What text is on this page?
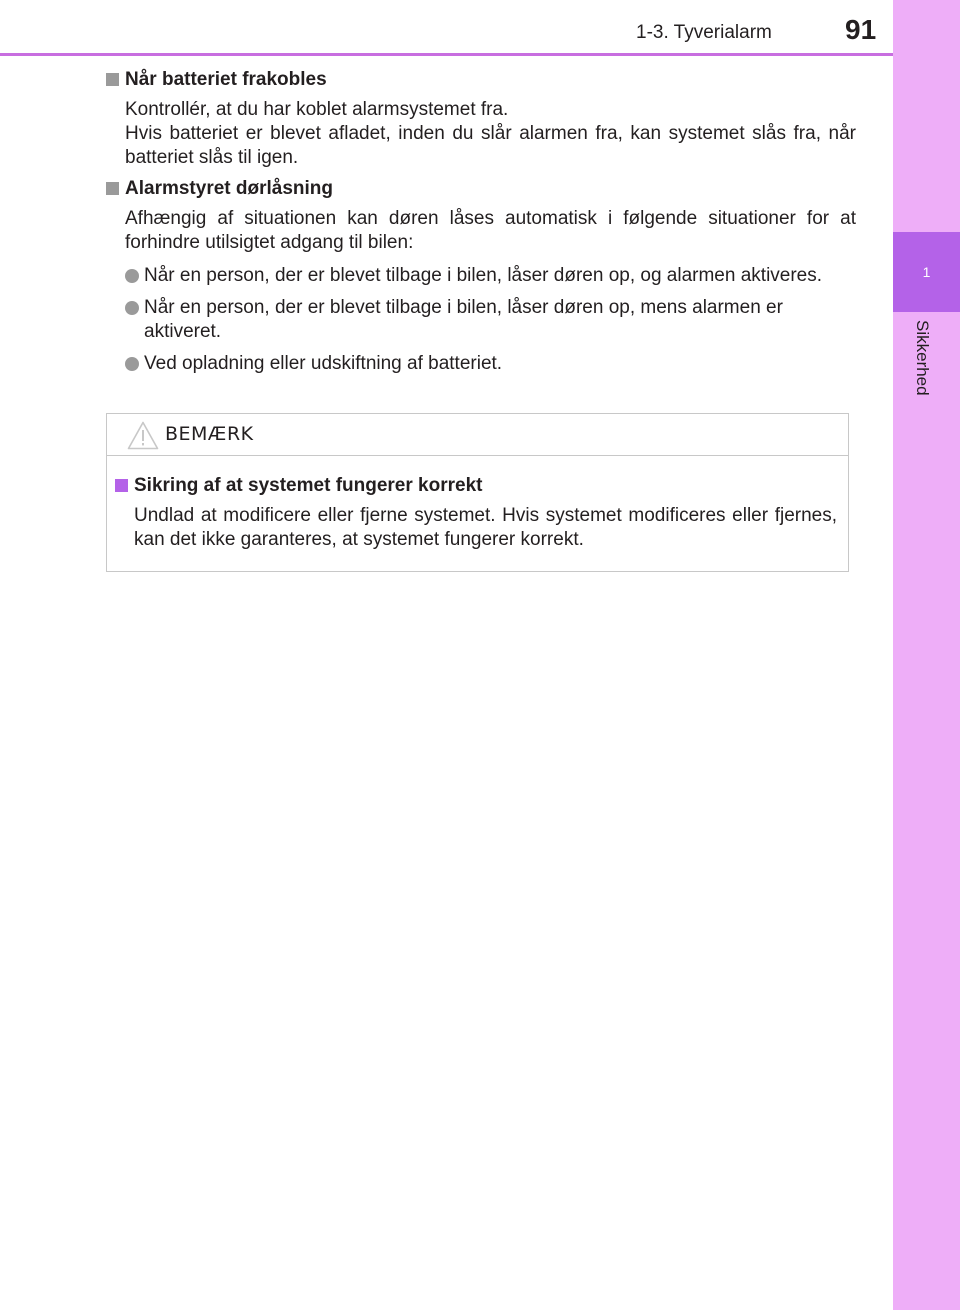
1-3. Tyverialarm	91
1
Sikkerhed
Når batteriet frakobles
Kontrollér, at du har koblet alarmsystemet fra.
Hvis batteriet er blevet afladet, inden du slår alarmen fra, kan systemet slås fra, når batteriet slås til igen.
Alarmstyret dørlåsning
Afhængig af situationen kan døren låses automatisk i følgende situationer for at forhindre utilsigtet adgang til bilen:
Når en person, der er blevet tilbage i bilen, låser døren op, og alarmen aktiveres.
Når en person, der er blevet tilbage i bilen, låser døren op, mens alarmen er aktiveret.
Ved opladning eller udskiftning af batteriet.
BEMÆRK
Sikring af at systemet fungerer korrekt
Undlad at modificere eller fjerne systemet. Hvis systemet modificeres eller fjernes, kan det ikke garanteres, at systemet fungerer korrekt.
